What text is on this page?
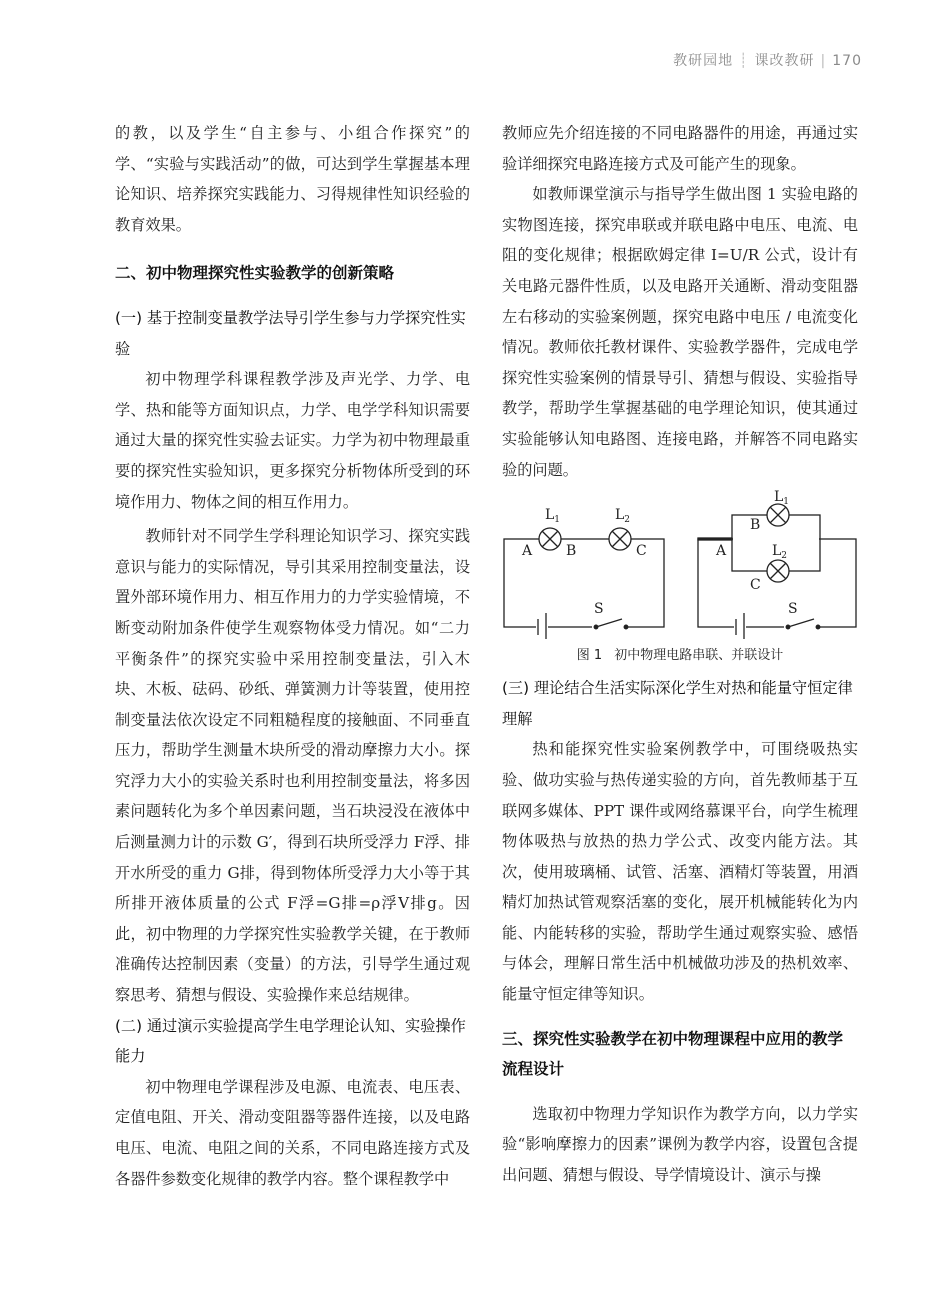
教研园地 ┊ 课改教研 | 170

的教，以及学生“自主参与、小组合作探究”的学、“实验与实践活动”的做，可达到学生掌握基本理论知识、培养探究实践能力、习得规律性知识经验的教育效果。

二、初中物理探究性实验教学的创新策略
(一) 基于控制变量教学法导引学生参与力学探究性实验

初中物理学科课程教学涉及声光学、力学、电学、热和能等方面知识点，力学、电学学科知识需要通过大量的探究性实验去证实。力学为初中物理最重要的探究性实验知识，更多探究分析物体所受到的环境作用力、物体之间的相互作用力。

教师针对不同学生学科理论知识学习、探究实践意识与能力的实际情况，导引其采用控制变量法，设置外部环境作用力、相互作用力的力学实验情境，不断变动附加条件使学生观察物体受力情况。如“二力平衡条件”的探究实验中采用控制变量法，引入木块、木板、砝码、砂纸、弹簧测力计等装置，使用控制变量法依次设定不同粗糙程度的接触面、不同垂直压力，帮助学生测量木块所受的滑动摩擦力大小。探究浮力大小的实验关系时也利用控制变量法，将多因素问题转化为多个单因素问题，当石块浸没在液体中后测量测力计的示数 G′，得到石块所受浮力 F浮、排开水所受的重力 G排，得到物体所受浮力大小等于其所排开液体质量的公式 F浮=G排=ρ浮V排g。因此，初中物理的力学探究性实验教学关键，在于教师准确传达控制因素（变量）的方法，引导学生通过观察思考、猜想与假设、实验操作来总结规律。

(二) 通过演示实验提高学生电学理论认知、实验操作能力

初中物理电学课程涉及电源、电流表、电压表、定值电阻、开关、滑动变阻器等器件连接，以及电路电压、电流、电阻之间的关系，不同电路连接方式及各器件参数变化规律的教学内容。整个课程教学中

教师应先介绍连接的不同电路器件的用途，再通过实验详细探究电路连接方式及可能产生的现象。

如教师课堂演示与指导学生做出图 1 实验电路的实物图连接，探究串联或并联电路中电压、电流、电阻的变化规律；根据欧姆定律 I=U/R 公式，设计有关电路元器件性质，以及电路开关通断、滑动变阻器左右移动的实验案例题，探究电路中电压 / 电流变化情况。教师依托教材课件、实验教学器件，完成电学探究性实验案例的情景导引、猜想与假设、实验指导教学，帮助学生掌握基础的电学理论知识，使其通过实验能够认知电路图、连接电路，并解答不同电路实验的问题。

$L_1$	$L_2$
A B	C
S
$L_1$
$L_2$
A
B
C
S
图 1 初中物理电路串联、并联设计
(三) 理论结合生活实际深化学生对热和能量守恒定律理解

热和能探究性实验案例教学中，可围绕吸热实验、做功实验与热传递实验的方向，首先教师基于互联网多媒体、PPT 课件或网络慕课平台，向学生梳理物体吸热与放热的热力学公式、改变内能方法。其次，使用玻璃桶、试管、活塞、酒精灯等装置，用酒精灯加热试管观察活塞的变化，展开机械能转化为内能、内能转移的实验，帮助学生通过观察实验、感悟与体会，理解日常生活中机械做功涉及的热机效率、能量守恒定律等知识。

三、探究性实验教学在初中物理课程中应用的教学流程设计

选取初中物理力学知识作为教学方向，以力学实验“影响摩擦力的因素”课例为教学内容，设置包含提出问题、猜想与假设、导学情境设计、演示与操
